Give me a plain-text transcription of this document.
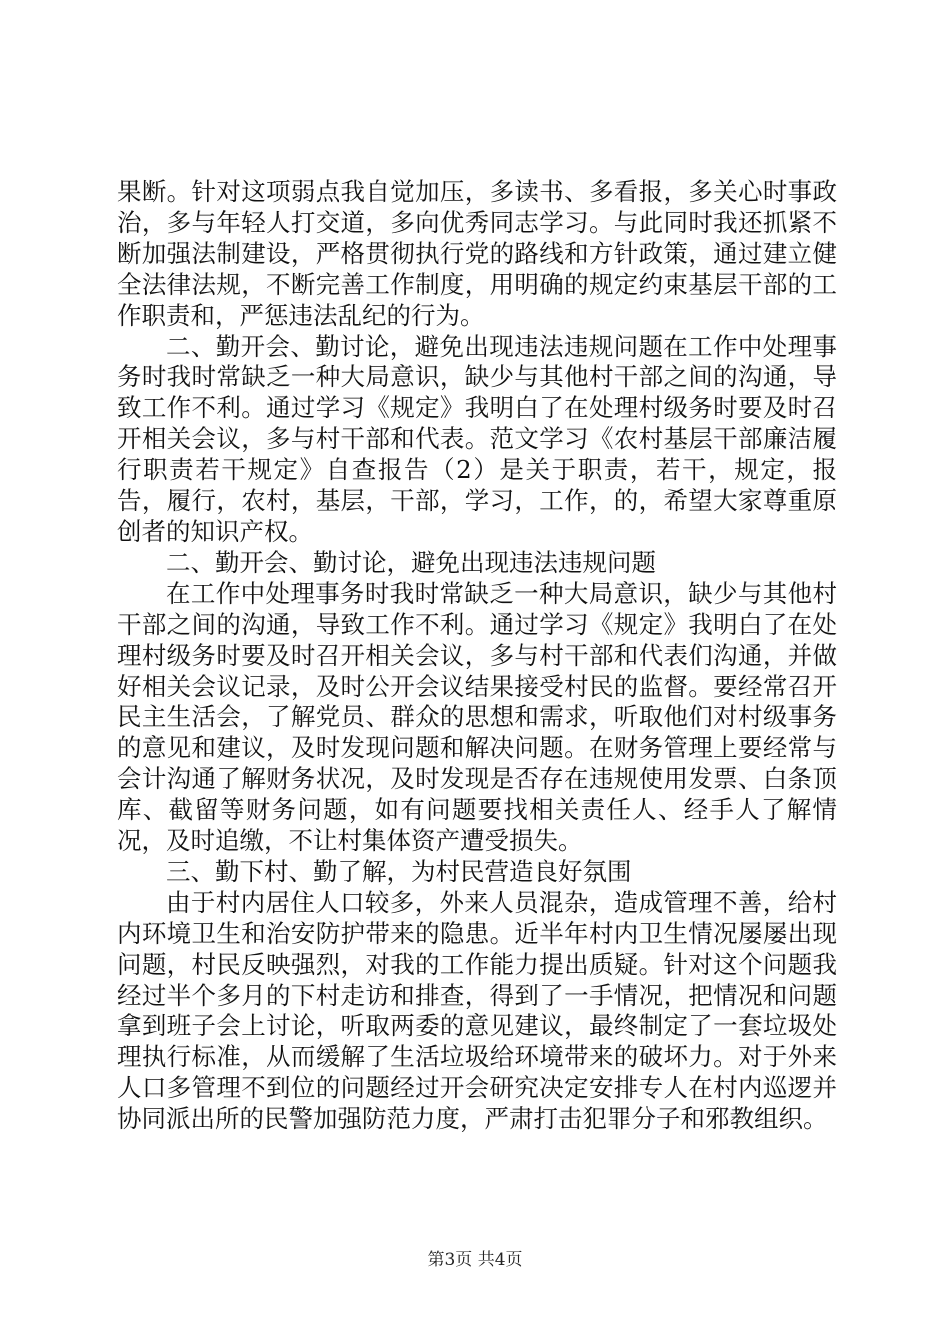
果断。针对这项弱点我自觉加压，多读书、多看报，多关心时事政治，多与年轻人打交道，多向优秀同志学习。与此同时我还抓紧不断加强法制建设，严格贯彻执行党的路线和方针政策，通过建立健全法律法规，不断完善工作制度，用明确的规定约束基层干部的工作职责和，严惩违法乱纪的行为。

二、勤开会、勤讨论，避免出现违法违规问题在工作中处理事务时我时常缺乏一种大局意识，缺少与其他村干部之间的沟通，导致工作不利。通过学习《规定》我明白了在处理村级务时要及时召开相关会议，多与村干部和代表。范文学习《农村基层干部廉洁履行职责若干规定》自查报告（2）是关于职责，若干，规定，报告，履行，农村，基层，干部，学习，工作，的，希望大家尊重原创者的知识产权。

二、勤开会、勤讨论，避免出现违法违规问题

在工作中处理事务时我时常缺乏一种大局意识，缺少与其他村干部之间的沟通，导致工作不利。通过学习《规定》我明白了在处理村级务时要及时召开相关会议，多与村干部和代表们沟通，并做好相关会议记录，及时公开会议结果接受村民的监督。要经常召开民主生活会，了解党员、群众的思想和需求，听取他们对村级事务的意见和建议，及时发现问题和解决问题。在财务管理上要经常与会计沟通了解财务状况，及时发现是否存在违规使用发票、白条顶库、截留等财务问题，如有问题要找相关责任人、经手人了解情况，及时追缴，不让村集体资产遭受损失。

三、勤下村、勤了解，为村民营造良好氛围

由于村内居住人口较多，外来人员混杂，造成管理不善，给村内环境卫生和治安防护带来的隐患。近半年村内卫生情况屡屡出现问题，村民反映强烈，对我的工作能力提出质疑。针对这个问题我经过半个多月的下村走访和排查，得到了一手情况，把情况和问题拿到班子会上讨论，听取两委的意见建议，最终制定了一套垃圾处理执行标准，从而缓解了生活垃圾给环境带来的破坏力。对于外来人口多管理不到位的问题经过开会研究决定安排专人在村内巡逻并协同派出所的民警加强防范力度，严肃打击犯罪分子和邪教组织。

第3页 共4页
